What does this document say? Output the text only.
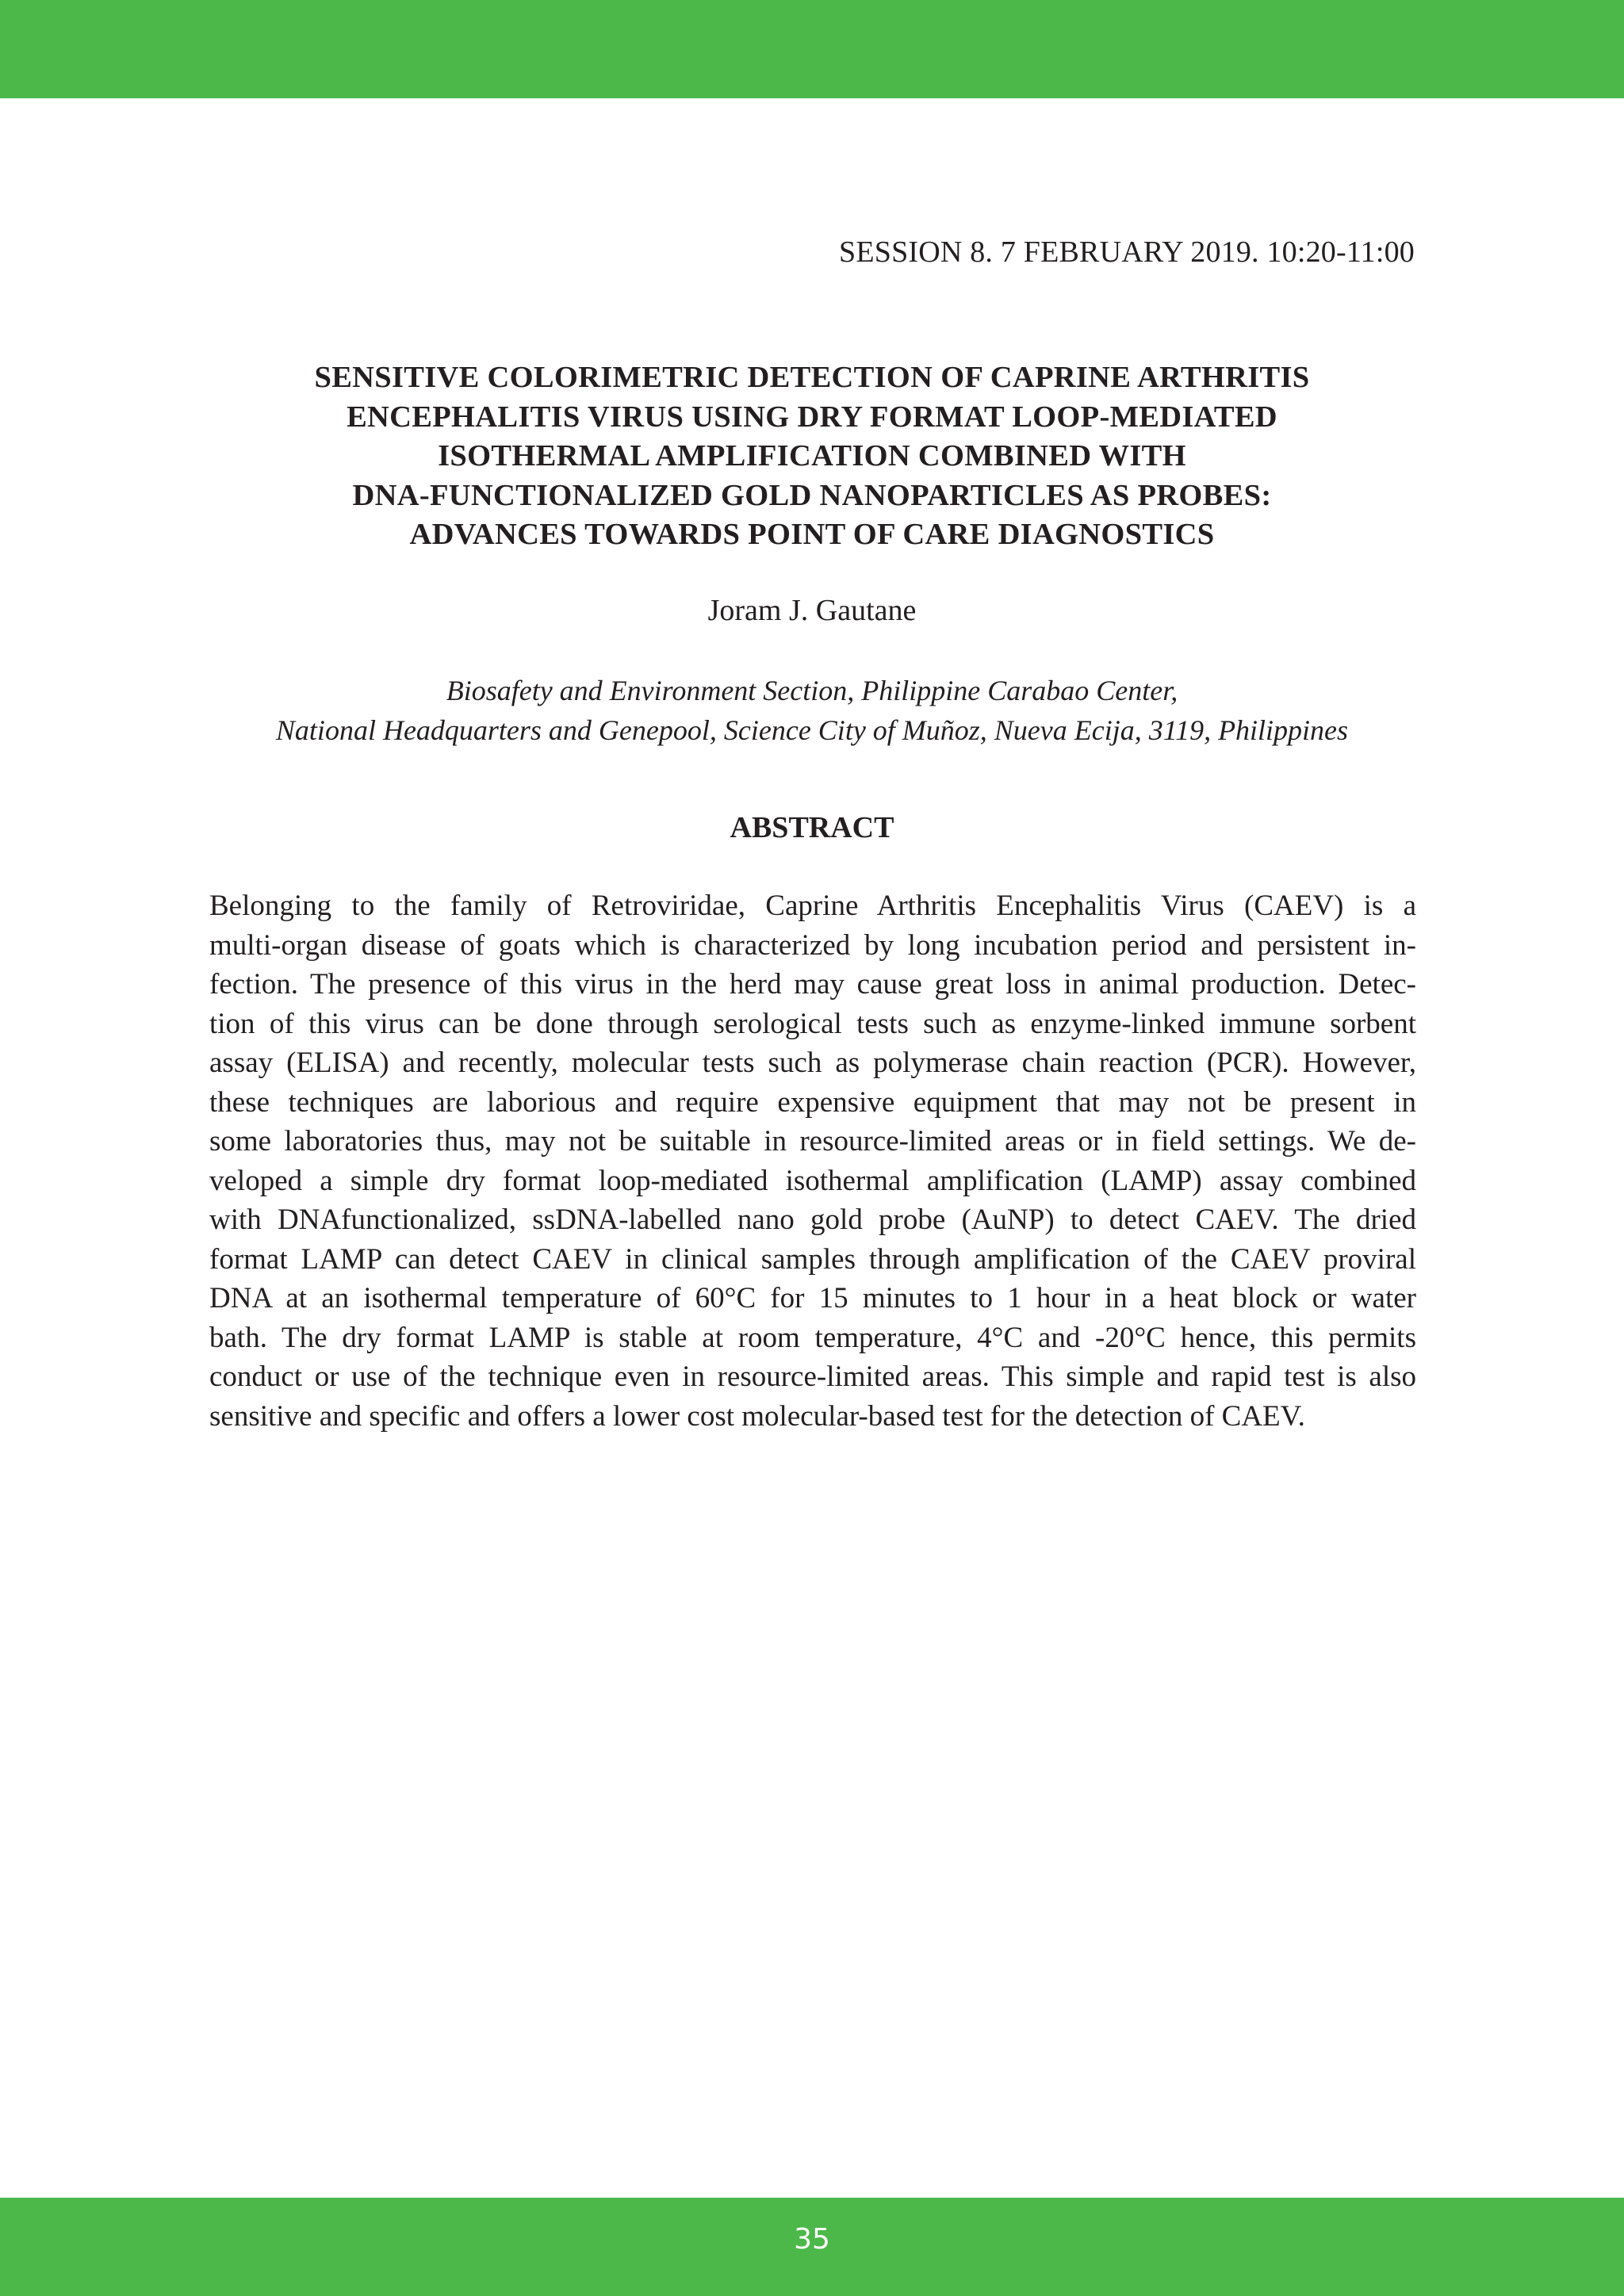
SESSION 8. 7 FEBRUARY 2019. 10:20-11:00
SENSITIVE COLORIMETRIC DETECTION OF CAPRINE ARTHRITIS
ENCEPHALITIS VIRUS USING DRY FORMAT LOOP-MEDIATED
ISOTHERMAL AMPLIFICATION COMBINED WITH
DNA-FUNCTIONALIZED GOLD NANOPARTICLES AS PROBES:
ADVANCES TOWARDS POINT OF CARE DIAGNOSTICS
Joram J. Gautane
Biosafety and Environment Section, Philippine Carabao Center,
National Headquarters and Genepool, Science City of Muñoz, Nueva Ecija, 3119, Philippines
ABSTRACT

Belonging to the family of Retroviridae, Caprine Arthritis Encephalitis Virus (CAEV) is a
multi-organ disease of goats which is characterized by long incubation period and persistent in-
fection. The presence of this virus in the herd may cause great loss in animal production. Detec-
tion of this virus can be done through serological tests such as enzyme-linked immune sorbent
assay (ELISA) and recently, molecular tests such as polymerase chain reaction (PCR). However,
these techniques are laborious and require expensive equipment that may not be present in
some laboratories thus, may not be suitable in resource-limited areas or in field settings. We de-
veloped a simple dry format loop-mediated isothermal amplification (LAMP) assay combined
with DNAfunctionalized, ssDNA-labelled nano gold probe (AuNP) to detect CAEV. The dried
format LAMP can detect CAEV in clinical samples through amplification of the CAEV proviral
DNA at an isothermal temperature of 60°C for 15 minutes to 1 hour in a heat block or water
bath. The dry format LAMP is stable at room temperature, 4°C and -20°C hence, this permits
conduct or use of the technique even in resource-limited areas. This simple and rapid test is also
sensitive and specific and offers a lower cost molecular-based test for the detection of CAEV.

35
